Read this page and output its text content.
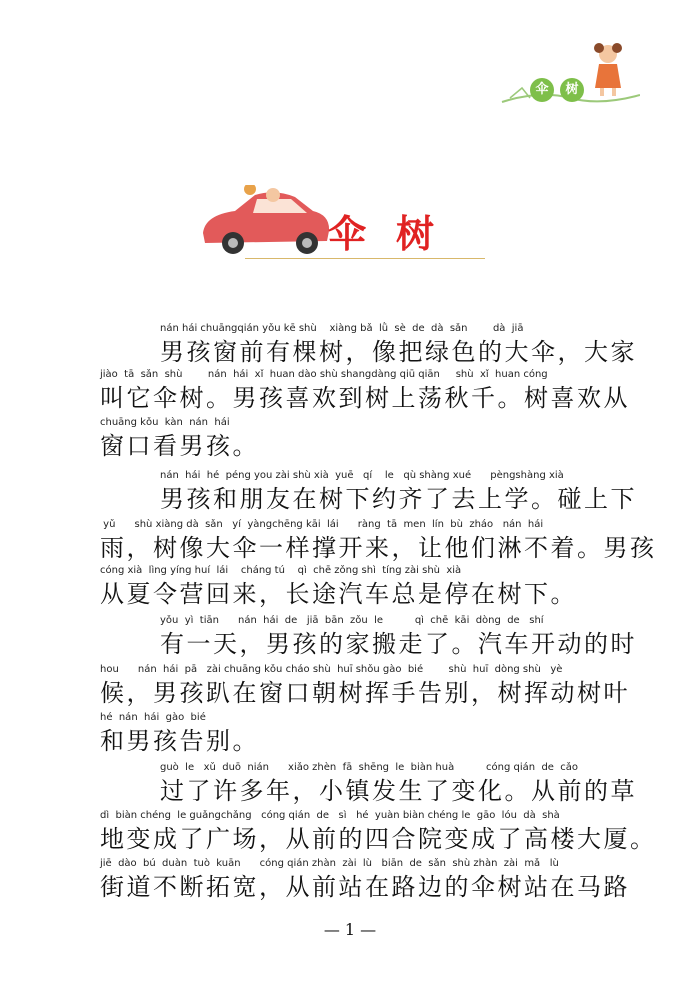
伞	树
伞树
nán hái chuāngqián yǒu kē shù    xiàng bǎ  lǜ  sè  de  dà  sǎn        dà  jiā
男孩窗前有棵树，像把绿色的大伞，大家
jiào  tā  sǎn  shù        nán  hái  xǐ  huan dào shù shangdàng qiū qiān     shù  xǐ  huan cóng
叫它伞树。男孩喜欢到树上荡秋千。树喜欢从
chuāng kǒu  kàn  nán  hái
窗口看男孩。
nán  hái  hé  péng you zài shù xià  yuē   qí    le   qù shàng xué      pèngshàng xià
男孩和朋友在树下约齐了去上学。碰上下
yǔ      shù xiàng dà  sǎn   yí  yàngchēng kāi  lái      ràng  tā  men  lín  bù  zháo   nán  hái
雨，树像大伞一样撑开来，让他们淋不着。男孩
cóng xià  lìng yíng huí  lái    cháng tú    qì  chē zǒng shì  tíng zài shù  xià
从夏令营回来，长途汽车总是停在树下。
yǒu  yì  tiān      nán  hái  de   jiā  bān  zǒu  le          qì  chē  kāi  dòng  de   shí
有一天，男孩的家搬走了。汽车开动的时
hou      nán  hái  pā   zài chuāng kǒu cháo shù  huī shǒu gào  bié        shù  huī  dòng shù   yè
候，男孩趴在窗口朝树挥手告别，树挥动树叶
hé  nán  hái  gào  bié
和男孩告别。
guò  le   xǔ  duō  nián      xiǎo zhèn  fā  shēng  le  biàn huà          cóng qián  de  cǎo
过了许多年，小镇发生了变化。从前的草
dì  biàn chéng  le guǎngchǎng   cóng qián  de   sì   hé  yuàn biàn chéng le  gāo  lóu  dà  shà
地变成了广场，从前的四合院变成了高楼大厦。
jiē  dào  bú  duàn  tuò  kuān      cóng qián zhàn  zài  lù   biān  de  sǎn  shù zhàn  zài  mǎ   lù
街道不断拓宽，从前站在路边的伞树站在马路
— 1 —
